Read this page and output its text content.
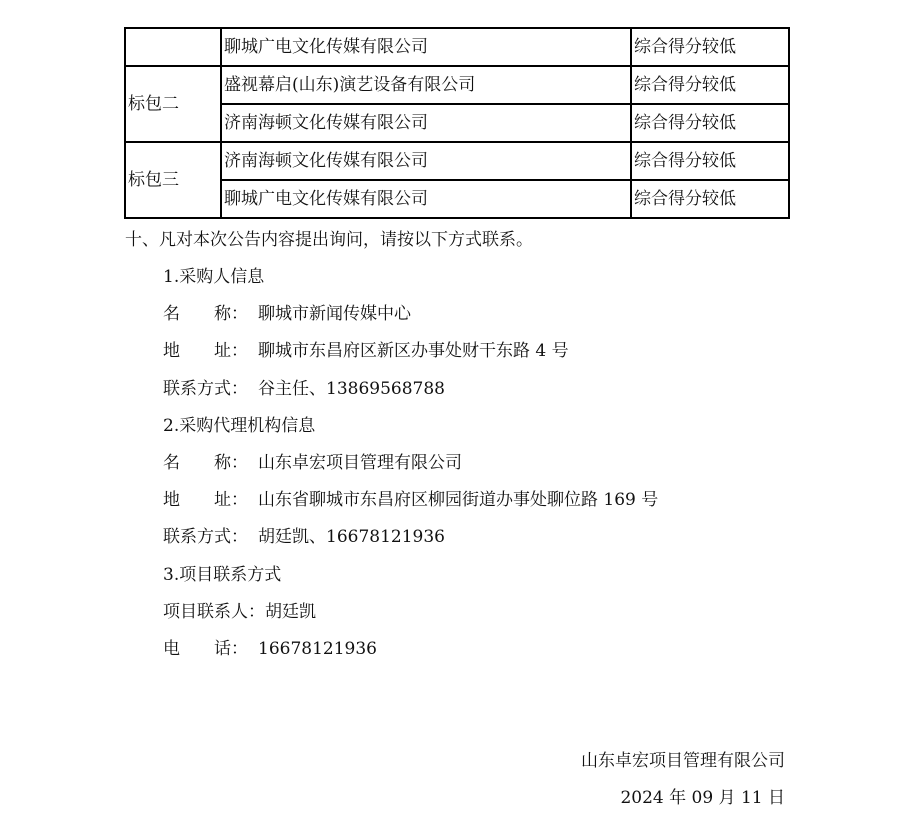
	聊城广电文化传媒有限公司	综合得分较低
标包二	盛视幕启(山东)演艺设备有限公司	综合得分较低
	济南海顿文化传媒有限公司	综合得分较低
标包三	济南海顿文化传媒有限公司	综合得分较低
	聊城广电文化传媒有限公司	综合得分较低
十、凡对本次公告内容提出询问，请按以下方式联系。
1.采购人信息
名　　称： 聊城市新闻传媒中心
地　　址： 聊城市东昌府区新区办事处财干东路 4 号
联系方式： 谷主任、13869568788
2.采购代理机构信息
名　　称： 山东卓宏项目管理有限公司
地　　址： 山东省聊城市东昌府区柳园街道办事处聊位路 169 号
联系方式： 胡廷凯、16678121936
3.项目联系方式
项目联系人：胡廷凯
电　　话： 16678121936
山东卓宏项目管理有限公司
2024 年 09 月 11 日
